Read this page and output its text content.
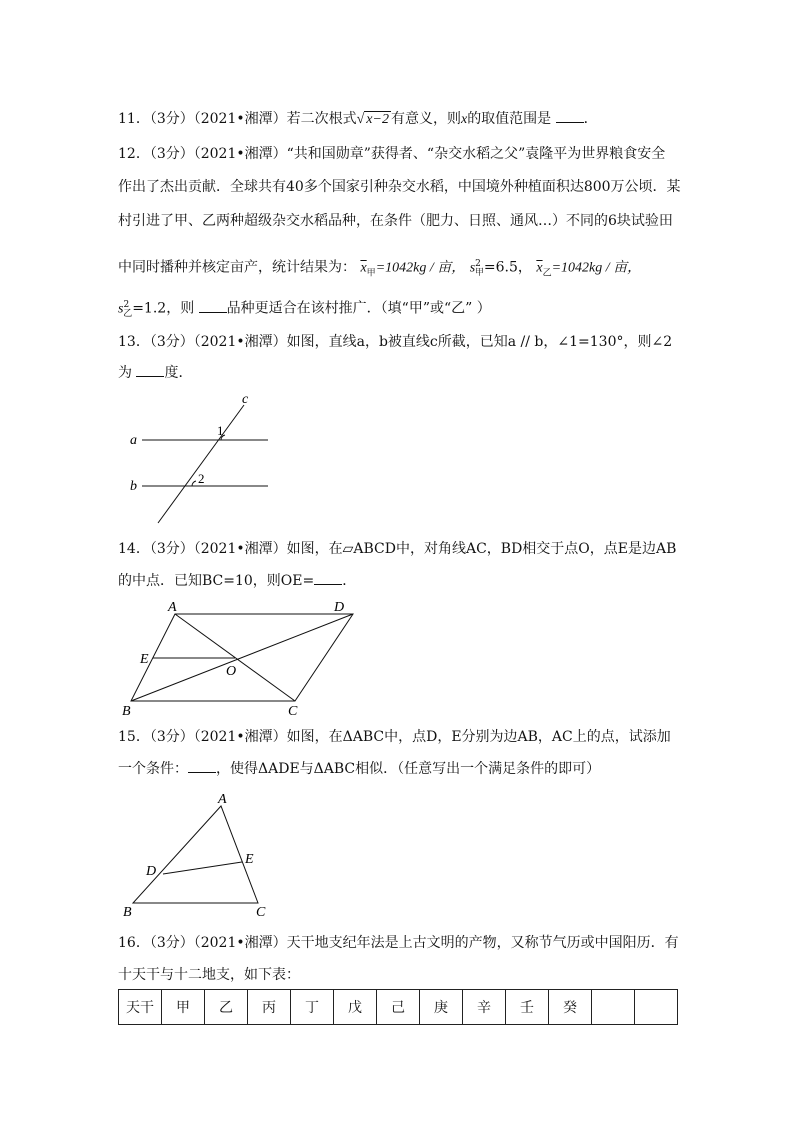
11．（3分）（2021•湘潭）若二次根式√ x−2 有意义，则x的取值范围是 ．
12．（3分）（2021•湘潭）“共和国勋章”获得者、“杂交水稻之父”袁隆平为世界粮食安全
作出了杰出贡献．全球共有40多个国家引种杂交水稻，中国境外种植面积达800万公顷．某
村引进了甲、乙两种超级杂交水稻品种，在条件（肥力、日照、通风…）不同的6块试验田
中同时播种并核定亩产，统计结果为： $\overline{x}_甲=1042kg$ / 亩， $s^2_甲=6.5$， $\overline{x}_乙=1042kg$ / 亩，
$s^2_乙=1.2$，则 品种更适合在该村推广．（填“甲”或“乙” ）
13．（3分）（2021•湘潭）如图，直线a，b被直线c所截，已知a // b，∠1=130°，则∠2
为 度．
c
a
b
1
2
14．（3分）（2021•湘潭）如图，在▱ABCD中，对角线AC，BD相交于点O，点E是边AB
的中点．已知BC=10，则OE= ．
A	D
E
O
B	C
15．（3分）（2021•湘潭）如图，在ΔABC中，点D，E分别为边AB，AC上的点，试添加
一个条件： ，使得ΔADE与ΔABC相似．（任意写出一个满足条件的即可）
A
D
E
B	C
16．（3分）（2021•湘潭）天干地支纪年法是上古文明的产物，又称节气历或中国阳历．有
十天干与十二地支，如下表：
天干	甲	乙	丙	丁	戊	己	庚	辛	壬	癸		
